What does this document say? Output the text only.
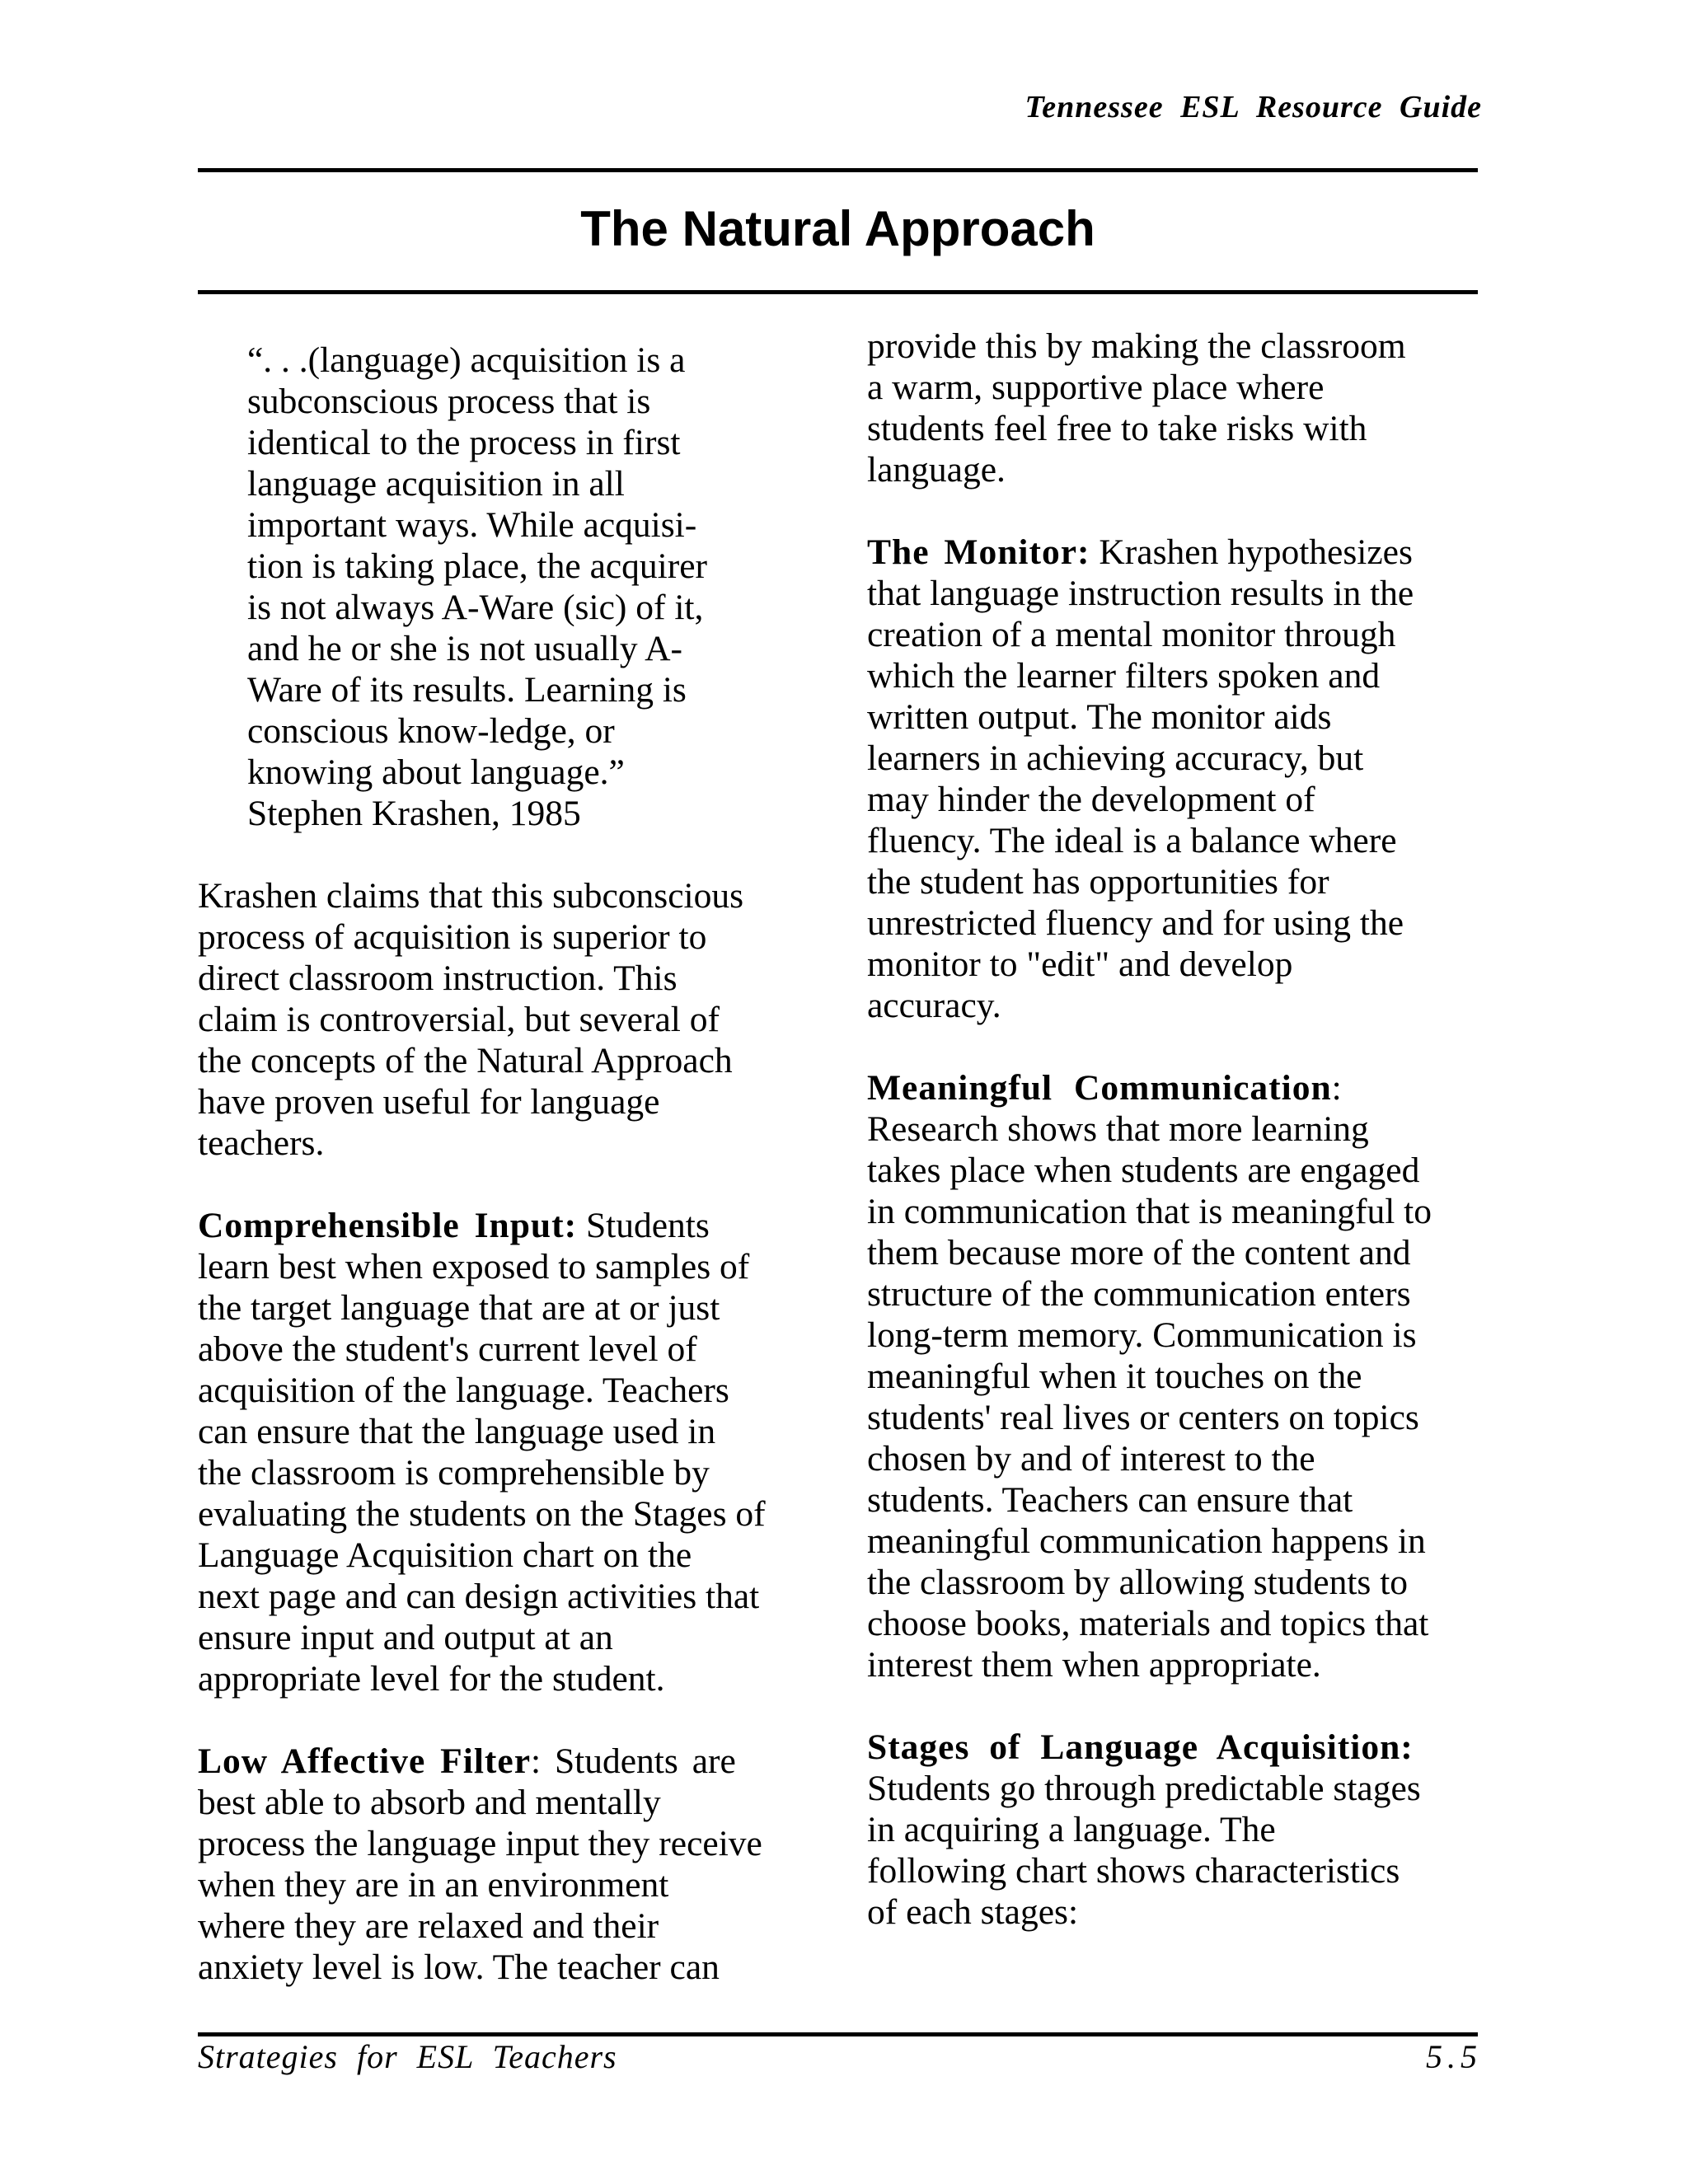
Tennessee ESL Resource Guide
The Natural Approach
“. . .(language) acquisition is a
subconscious process that is
identical to the process in first
language acquisition in all
important ways. While acquisi-
tion is taking place, the acquirer
is not always A-Ware (sic) of it,
and he or she is not usually A-
Ware of its results. Learning is
conscious know-ledge, or
knowing about language.”
Stephen Krashen, 1985
Krashen claims that this subconscious
process of acquisition is superior to
direct classroom instruction. This
claim is controversial, but several of
the concepts of the Natural Approach
have proven useful for language
teachers.
Comprehensible Input: Students
learn best when exposed to samples of
the target language that are at or just
above the student's current level of
acquisition of the language. Teachers
can ensure that the language used in
the classroom is comprehensible by
evaluating the students on the Stages of
Language Acquisition chart on the
next page and can design activities that
ensure input and output at an
appropriate level for the student.
Low Affective Filter: Students are
best able to absorb and mentally
process the language input they receive
when they are in an environment
where they are relaxed and their
anxiety level is low. The teacher can
provide this by making the classroom
a warm, supportive place where
students feel free to take risks with
language.
The Monitor: Krashen hypothesizes
that language instruction results in the
creation of a mental monitor through
which the learner filters spoken and
written output. The monitor aids
learners in achieving accuracy, but
may hinder the development of
fluency. The ideal is a balance where
the student has opportunities for
unrestricted fluency and for using the
monitor to "edit" and develop
accuracy.
Meaningful Communication:
Research shows that more learning
takes place when students are engaged
in communication that is meaningful to
them because more of the content and
structure of the communication enters
long-term memory. Communication is
meaningful when it touches on the
students' real lives or centers on topics
chosen by and of interest to the
students. Teachers can ensure that
meaningful communication happens in
the classroom by allowing students to
choose books, materials and topics that
interest them when appropriate.
Stages of Language Acquisition:
Students go through predictable stages
in acquiring a language. The
following chart shows characteristics
of each stages:
Strategies for ESL Teachers	5.5
